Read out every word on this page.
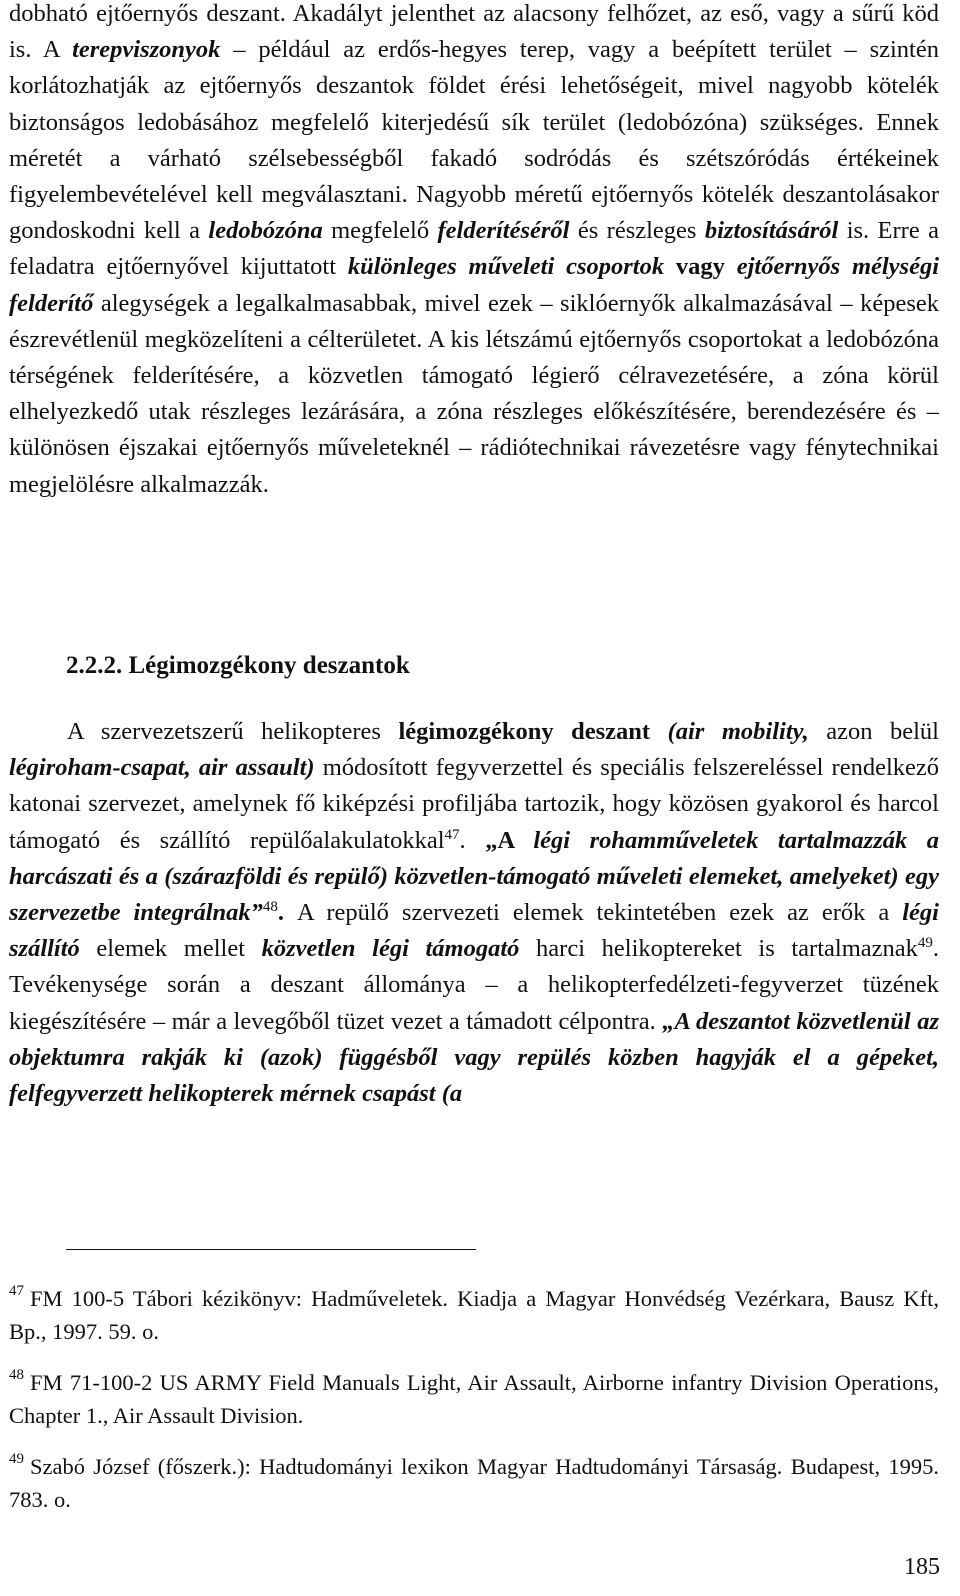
dobható ejtőernyős deszant. Akadályt jelenthet az alacsony felhőzet, az eső, vagy a sűrű köd is. A terepviszonyok – például az erdős-hegyes terep, vagy a beépített terület – szintén korlátozhatják az ejtőernyős deszantok földet érési lehetőségeit, mivel nagyobb kötelék biztonságos ledobásához megfelelő kiterjedésű sík terület (ledobózóna) szükséges. Ennek méretét a várható szélsebességből fakadó sodródás és szétszóródás értékeinek figyelembevételével kell megválasztani. Nagyobb méretű ejtőernyős kötelék deszantolásakor gondoskodni kell a ledobózóna megfelelő felderítéséről és részleges biztosításáról is. Erre a feladatra ejtőernyővel kijuttatott különleges műveleti csoportok vagy ejtőernyős mélységi felderítő alegységek a legalkalmasabbak, mivel ezek – siklóernyők alkalmazásával – képesek észrevétlenül megközelíteni a célterületet. A kis létszámú ejtőernyős csoportokat a ledobózóna térségének felderítésére, a közvetlen támogató légierő célravezetésére, a zóna körül elhelyezkedő utak részleges lezárására, a zóna részleges előkészítésére, berendezésére és – különösen éjszakai ejtőernyős műveleteknél – rádiótechnikai rávezetésre vagy fénytechnikai megjelölésre alkalmazzák.

2.2.2. Légimozgékony deszantok

A szervezetszerű helikopteres légimozgékony deszant (air mobility, azon belül légiroham-csapat, air assault) módosított fegyverzettel és speciális felszereléssel rendelkező katonai szervezet, amelynek fő kiképzési profiljába tartozik, hogy közösen gyakorol és harcol támogató és szállító repülőalakulatokkal$^{47}$. „A légi rohamműveletek tartalmazzák a harcászati és a (szárazföldi és repülő) közvetlen-támogató műveleti elemeket, amelyeket) egy szervezetbe integrálnak”$^{48}$. A repülő szervezeti elemek tekintetében ezek az erők a légi szállító elemek mellet közvetlen légi támogató harci helikoptereket is tartalmaznak$^{49}$. Tevékenysége során a deszant állománya – a helikopterfedélzeti-fegyverzet tüzének kiegészítésére – már a levegőből tüzet vezet a támadott célpontra. „A deszantot közvetlenül az objektumra rakják ki (azok) függésből vagy repülés közben hagyják el a gépeket, felfegyverzett helikopterek mérnek csapást (a

$^{47}$ FM 100-5 Tábori kézikönyv: Hadműveletek. Kiadja a Magyar Honvédség Vezérkara, Bausz Kft, Bp., 1997. 59. o.

$^{48}$ FM 71-100-2 US ARMY Field Manuals Light, Air Assault, Airborne infantry Division Operations, Chapter 1., Air Assault Division.

$^{49}$ Szabó József (főszerk.): Hadtudományi lexikon Magyar Hadtudományi Társaság. Budapest, 1995. 783. o.

185
